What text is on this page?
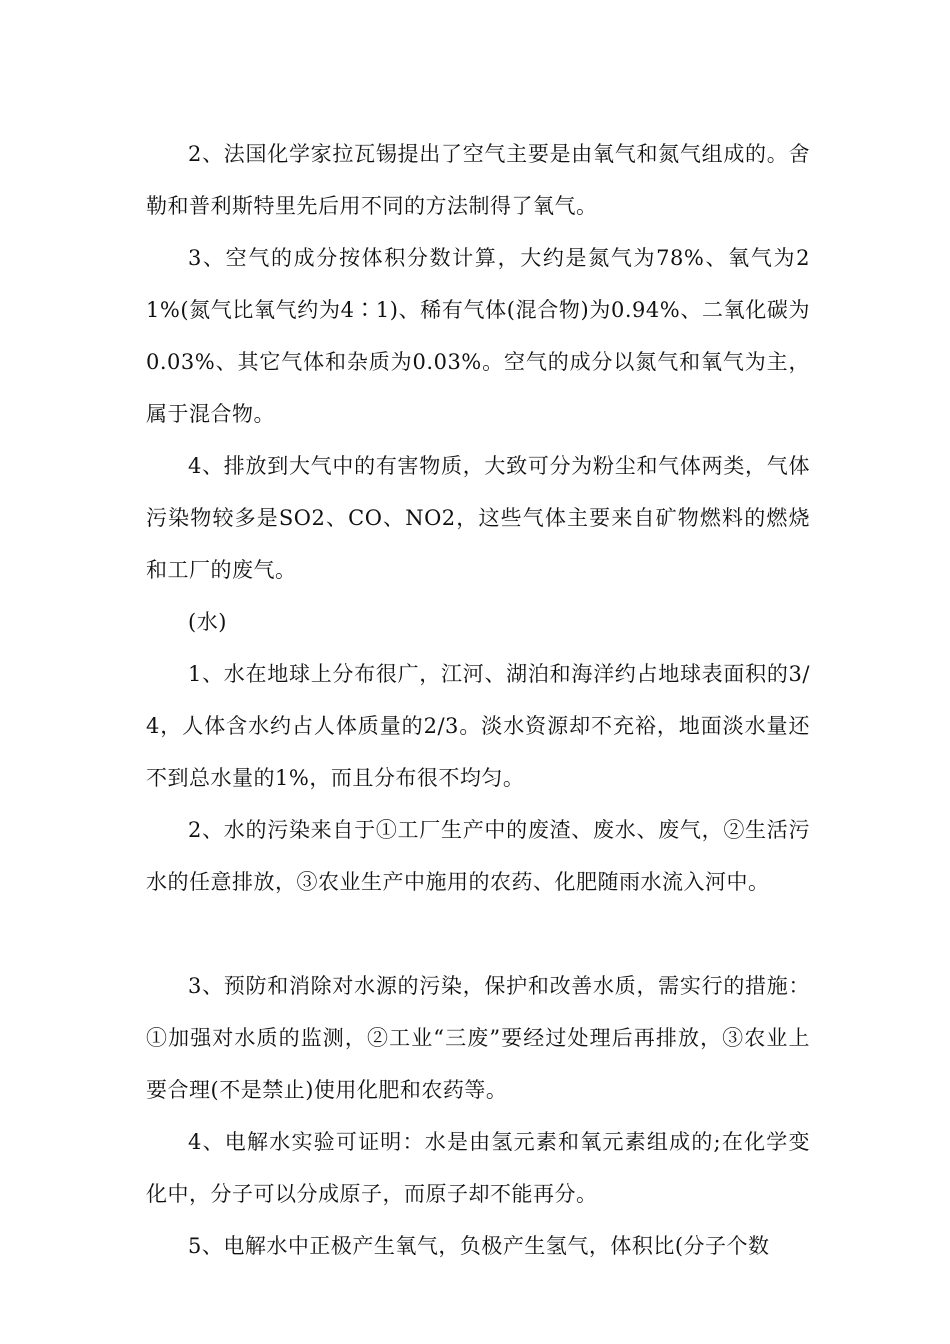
2、法国化学家拉瓦锡提出了空气主要是由氧气和氮气组成的。舍勒和普利斯特里先后用不同的方法制得了氧气。

3、空气的成分按体积分数计算，大约是氮气为78%、氧气为21%(氮气比氧气约为4∶1)、稀有气体(混合物)为0.94%、二氧化碳为0.03%、其它气体和杂质为0.03%。空气的成分以氮气和氧气为主，属于混合物。

4、排放到大气中的有害物质，大致可分为粉尘和气体两类，气体污染物较多是SO2、CO、NO2，这些气体主要来自矿物燃料的燃烧和工厂的废气。

(水)

1、水在地球上分布很广，江河、湖泊和海洋约占地球表面积的3/4，人体含水约占人体质量的2/3。淡水资源却不充裕，地面淡水量还不到总水量的1%，而且分布很不均匀。

2、水的污染来自于①工厂生产中的废渣、废水、废气，②生活污水的任意排放，③农业生产中施用的农药、化肥随雨水流入河中。

3、预防和消除对水源的污染，保护和改善水质，需实行的措施：①加强对水质的监测，②工业“三废”要经过处理后再排放，③农业上要合理(不是禁止)使用化肥和农药等。

4、电解水实验可证明：水是由氢元素和氧元素组成的;在化学变化中，分子可以分成原子，而原子却不能再分。

5、电解水中正极产生氧气，负极产生氢气，体积比(分子个数
